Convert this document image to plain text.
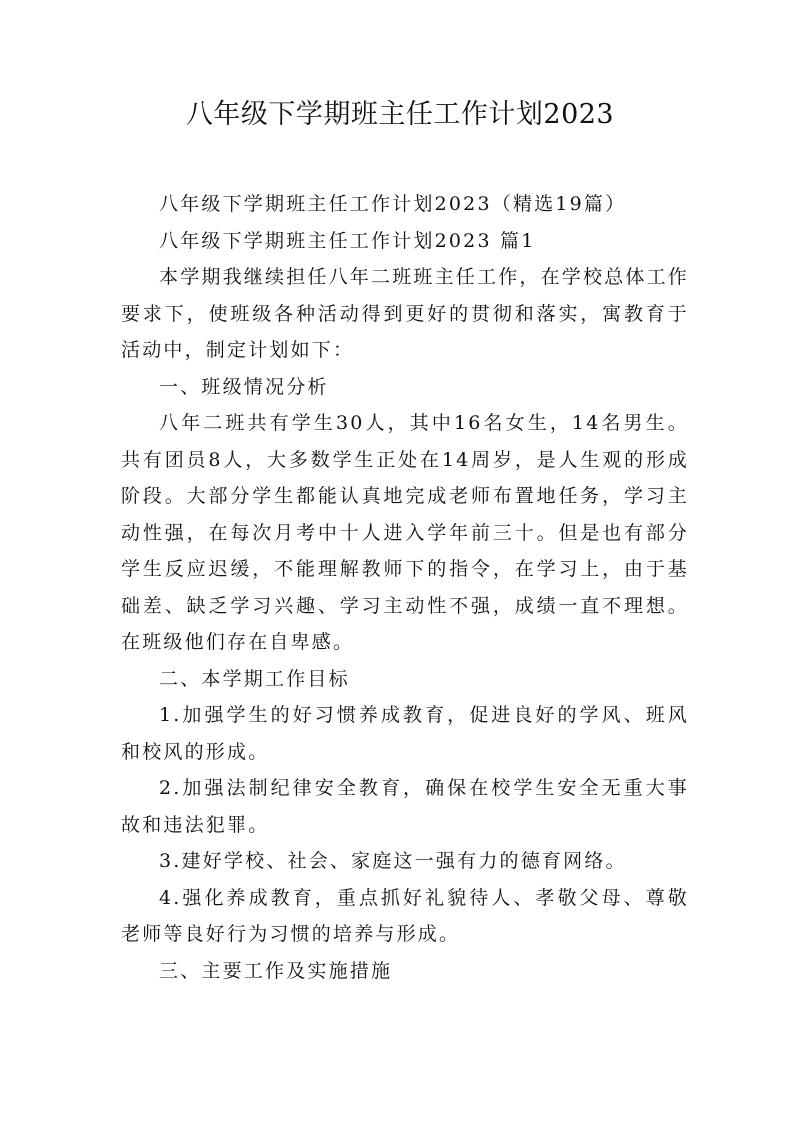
八年级下学期班主任工作计划2023

八年级下学期班主任工作计划2023（精选19篇）

八年级下学期班主任工作计划2023 篇1

本学期我继续担任八年二班班主任工作，在学校总体工作要求下，使班级各种活动得到更好的贯彻和落实，寓教育于活动中，制定计划如下：

一、班级情况分析

八年二班共有学生30人，其中16名女生，14名男生。共有团员8人，大多数学生正处在14周岁，是人生观的形成阶段。大部分学生都能认真地完成老师布置地任务，学习主动性强，在每次月考中十人进入学年前三十。但是也有部分学生反应迟缓，不能理解教师下的指令，在学习上，由于基础差、缺乏学习兴趣、学习主动性不强，成绩一直不理想。在班级他们存在自卑感。

二、本学期工作目标

1.加强学生的好习惯养成教育，促进良好的学风、班风和校风的形成。

2.加强法制纪律安全教育，确保在校学生安全无重大事故和违法犯罪。

3.建好学校、社会、家庭这一强有力的德育网络。

4.强化养成教育，重点抓好礼貌待人、孝敬父母、尊敬老师等良好行为习惯的培养与形成。

三、主要工作及实施措施
